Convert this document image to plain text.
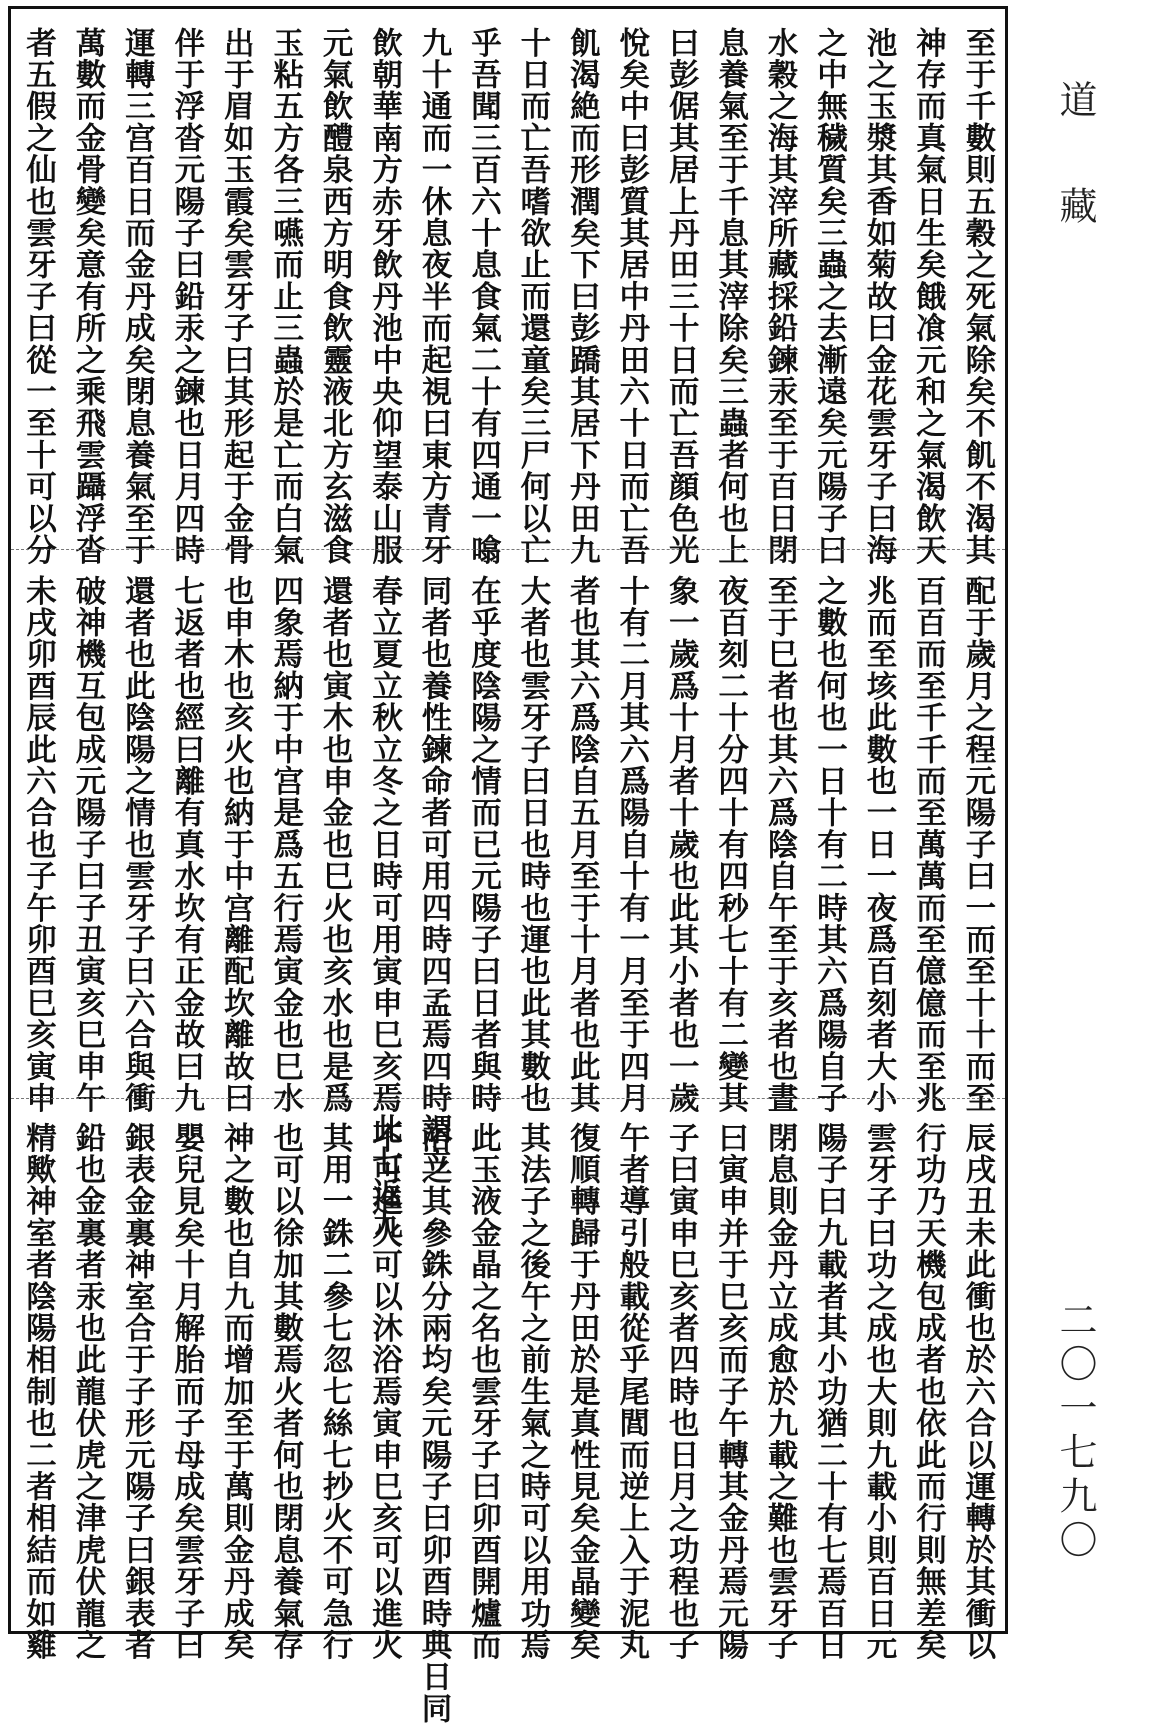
至于千數則五穀之死氣除矣不飢不渴其
神存而真氣日生矣餓飡元和之氣渴飲天
池之玉漿其香如菊故曰金花雲牙子曰海
之中無穢質矣三蟲之去漸遠矣元陽子曰
水穀之海其滓所藏採鉛鍊汞至于百日閉
息養氣至于千息其滓除矣三蟲者何也上
曰彭倨其居上丹田三十日而亡吾顔色光
悅矣中曰彭質其居中丹田六十日而亡吾
飢渴絶而形潤矣下曰彭蹻其居下丹田九
十日而亡吾嗜欲止而還童矣三尸何以亡
乎吾聞三百六十息食氣二十有四通一噏
九十通而一休息夜半而起視曰東方青牙
飲朝華南方赤牙飲丹池中央仰望泰山服
元氣飲醴泉西方明食飲靈液北方玄滋食
玉粘五方各三嚥而止三蟲於是亡而白氣
出于眉如玉霞矣雲牙子曰其形起于金骨
伴于浮沓元陽子曰鉛汞之鍊也日月四時
運轉三宫百日而金丹成矣閉息養氣至于
萬數而金骨變矣意有所之乘飛雲躡浮沓
者五假之仙也雲牙子曰從一至十可以分
配于歲月之程元陽子曰一而至十十而至
百百而至千千而至萬萬而至億億而至兆
兆而至垓此數也一日一夜爲百刻者大小
之數也何也一日十有二時其六爲陽自子
至于巳者也其六爲陰自午至于亥者也晝
夜百刻二十分四十有四秒七十有二變其
象一歲爲十月者十歲也此其小者也一歲
十有二月其六爲陽自十有一月至于四月
者也其六爲陰自五月至于十月者也此其
大者也雲牙子曰日也時也運也此其數也
在乎度陰陽之情而已元陽子曰日者與時
同者也養性鍊命者可用四時四孟焉四時謂立
春立夏立秋立冬之日時可用寅申巳亥焉此七返九
還者也寅木也申金也巳火也亥水也是爲
四象焉納于中宫是爲五行焉寅金也巳水
也申木也亥火也納于中宫離配坎離故曰
七返者也經曰離有真水坎有正金故曰九
還者也此陰陽之情也雲牙子曰六合與衝
破神機互包成元陽子曰子丑寅亥巳申午
未戌卯酉辰此六合也子午卯酉巳亥寅申
辰戌丑未此衝也於六合以運轉於其衝以
行功乃天機包成者也依此而行則無差矣
雲牙子曰功之成也大則九載小則百日元
陽子曰九載者其小功猶二十有七焉百日
閉息則金丹立成愈於九載之難也雲牙子
曰寅申并于巳亥而子午轉其金丹焉元陽
子曰寅申巳亥者四時也日月之功程也子
午者導引般載從乎尾閭而逆上入于泥丸
復順轉歸于丹田於是真性見矣金晶變矣
其法子之後午之前生氣之時可以用功焉
此玉液金晶之名也雲牙子曰卯酉開爐而
浴之其參銖分兩均矣元陽子曰卯酉時典日同
不可進火可以沐浴焉寅申巳亥可以進火
其用一銖二參七忽七絲七抄火不可急行
也可以徐加其數焉火者何也閉息養氣存
神之數也自九而增加至于萬則金丹成矣
嬰兒見矣十月解胎而子母成矣雲牙子曰
銀表金裏神室合于子形元陽子曰銀表者
鉛也金裏者汞也此龍伏虎之津虎伏龍之
精歟神室者陰陽相制也二者相結而如雞
道藏
二〇一七九〇
